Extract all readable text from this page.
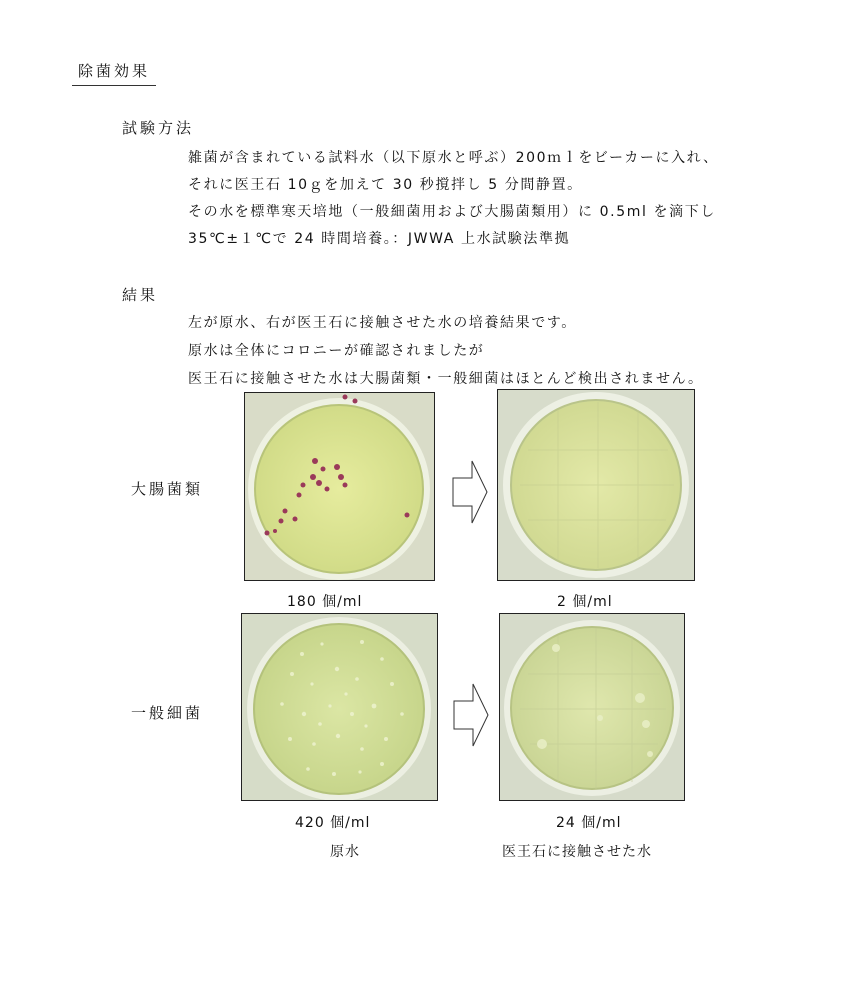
除菌効果
試験方法
雑菌が含まれている試料水（以下原水と呼ぶ）200ｍｌをビーカーに入れ、
それに医王石 10ｇを加えて 30 秒撹拌し 5 分間静置。
その水を標準寒天培地（一般細菌用および大腸菌類用）に 0.5ml を滴下し
35℃±１℃で 24 時間培養。：JWWA 上水試験法準拠
結果
左が原水、右が医王石に接触させた水の培養結果です。
原水は全体にコロニーが確認されましたが
医王石に接触させた水は大腸菌類・一般細菌はほとんど検出されません。
大腸菌類
180 個/ml	2 個/ml
一般細菌
420 個/ml	24 個/ml
原水	医王石に接触させた水
